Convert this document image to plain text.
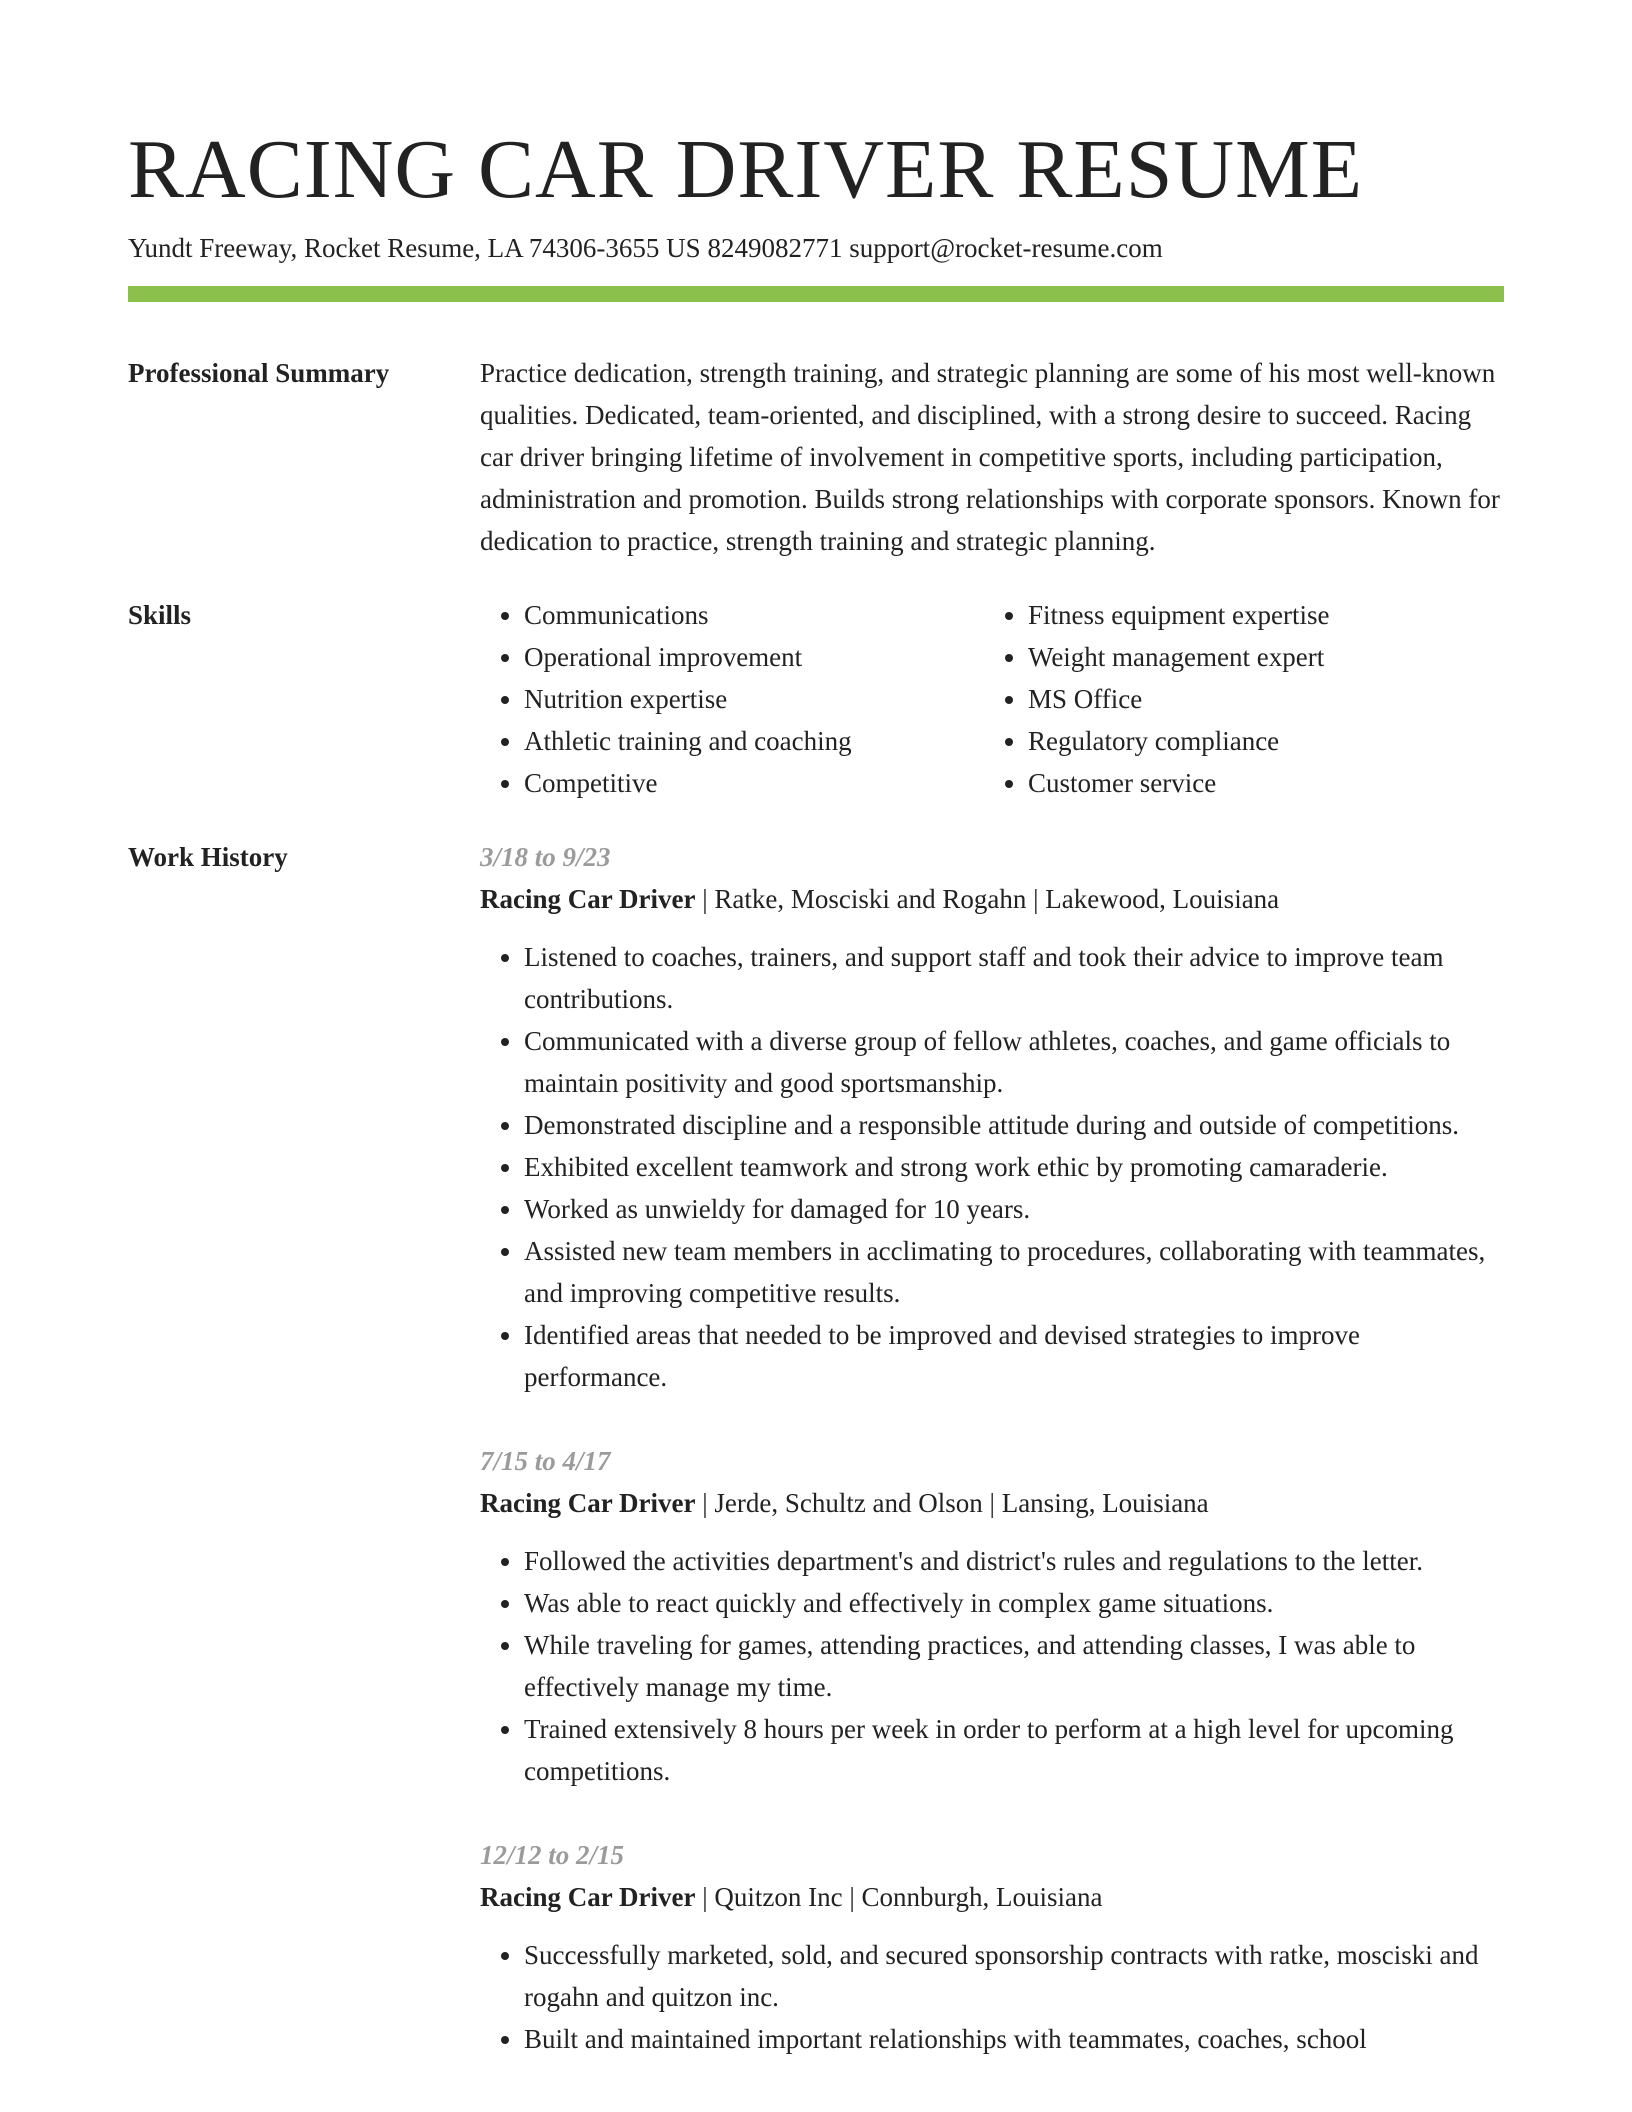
RACING CAR DRIVER RESUME
Yundt Freeway, Rocket Resume, LA 74306-3655 US 8249082771 support@rocket-resume.com
Professional Summary	Practice dedication, strength training, and strategic planning are some of his most well-known qualities. Dedicated, team-oriented, and disciplined, with a strong desire to succeed. Racing car driver bringing lifetime of involvement in competitive sports, including participation, administration and promotion. Builds strong relationships with corporate sponsors. Known for dedication to practice, strength training and strategic planning.
Skills
•	Communications
• Operational improvement
• Nutrition expertise
• Athletic training and coaching
• Competitive
• Fitness equipment expertise
• Weight management expert
• MS Office
• Regulatory compliance
• Customer service
Work History	3/18 to 9/23
Racing Car Driver | Ratke, Mosciski and Rogahn | Lakewood, Louisiana
• Listened to coaches, trainers, and support staff and took their advice to improve team contributions.
• Communicated with a diverse group of fellow athletes, coaches, and game officials to maintain positivity and good sportsmanship.
• Demonstrated discipline and a responsible attitude during and outside of competitions.
• Exhibited excellent teamwork and strong work ethic by promoting camaraderie.
• Worked as unwieldy for damaged for 10 years.
• Assisted new team members in acclimating to procedures, collaborating with teammates, and improving competitive results.
• Identified areas that needed to be improved and devised strategies to improve performance.
7/15 to 4/17
Racing Car Driver | Jerde, Schultz and Olson | Lansing, Louisiana
• Followed the activities department's and district's rules and regulations to the letter.
• Was able to react quickly and effectively in complex game situations.
• While traveling for games, attending practices, and attending classes, I was able to effectively manage my time.
• Trained extensively 8 hours per week in order to perform at a high level for upcoming competitions.
12/12 to 2/15
Racing Car Driver | Quitzon Inc | Connburgh, Louisiana
• Successfully marketed, sold, and secured sponsorship contracts with ratke, mosciski and rogahn and quitzon inc.
• Built and maintained important relationships with teammates, coaches, school
